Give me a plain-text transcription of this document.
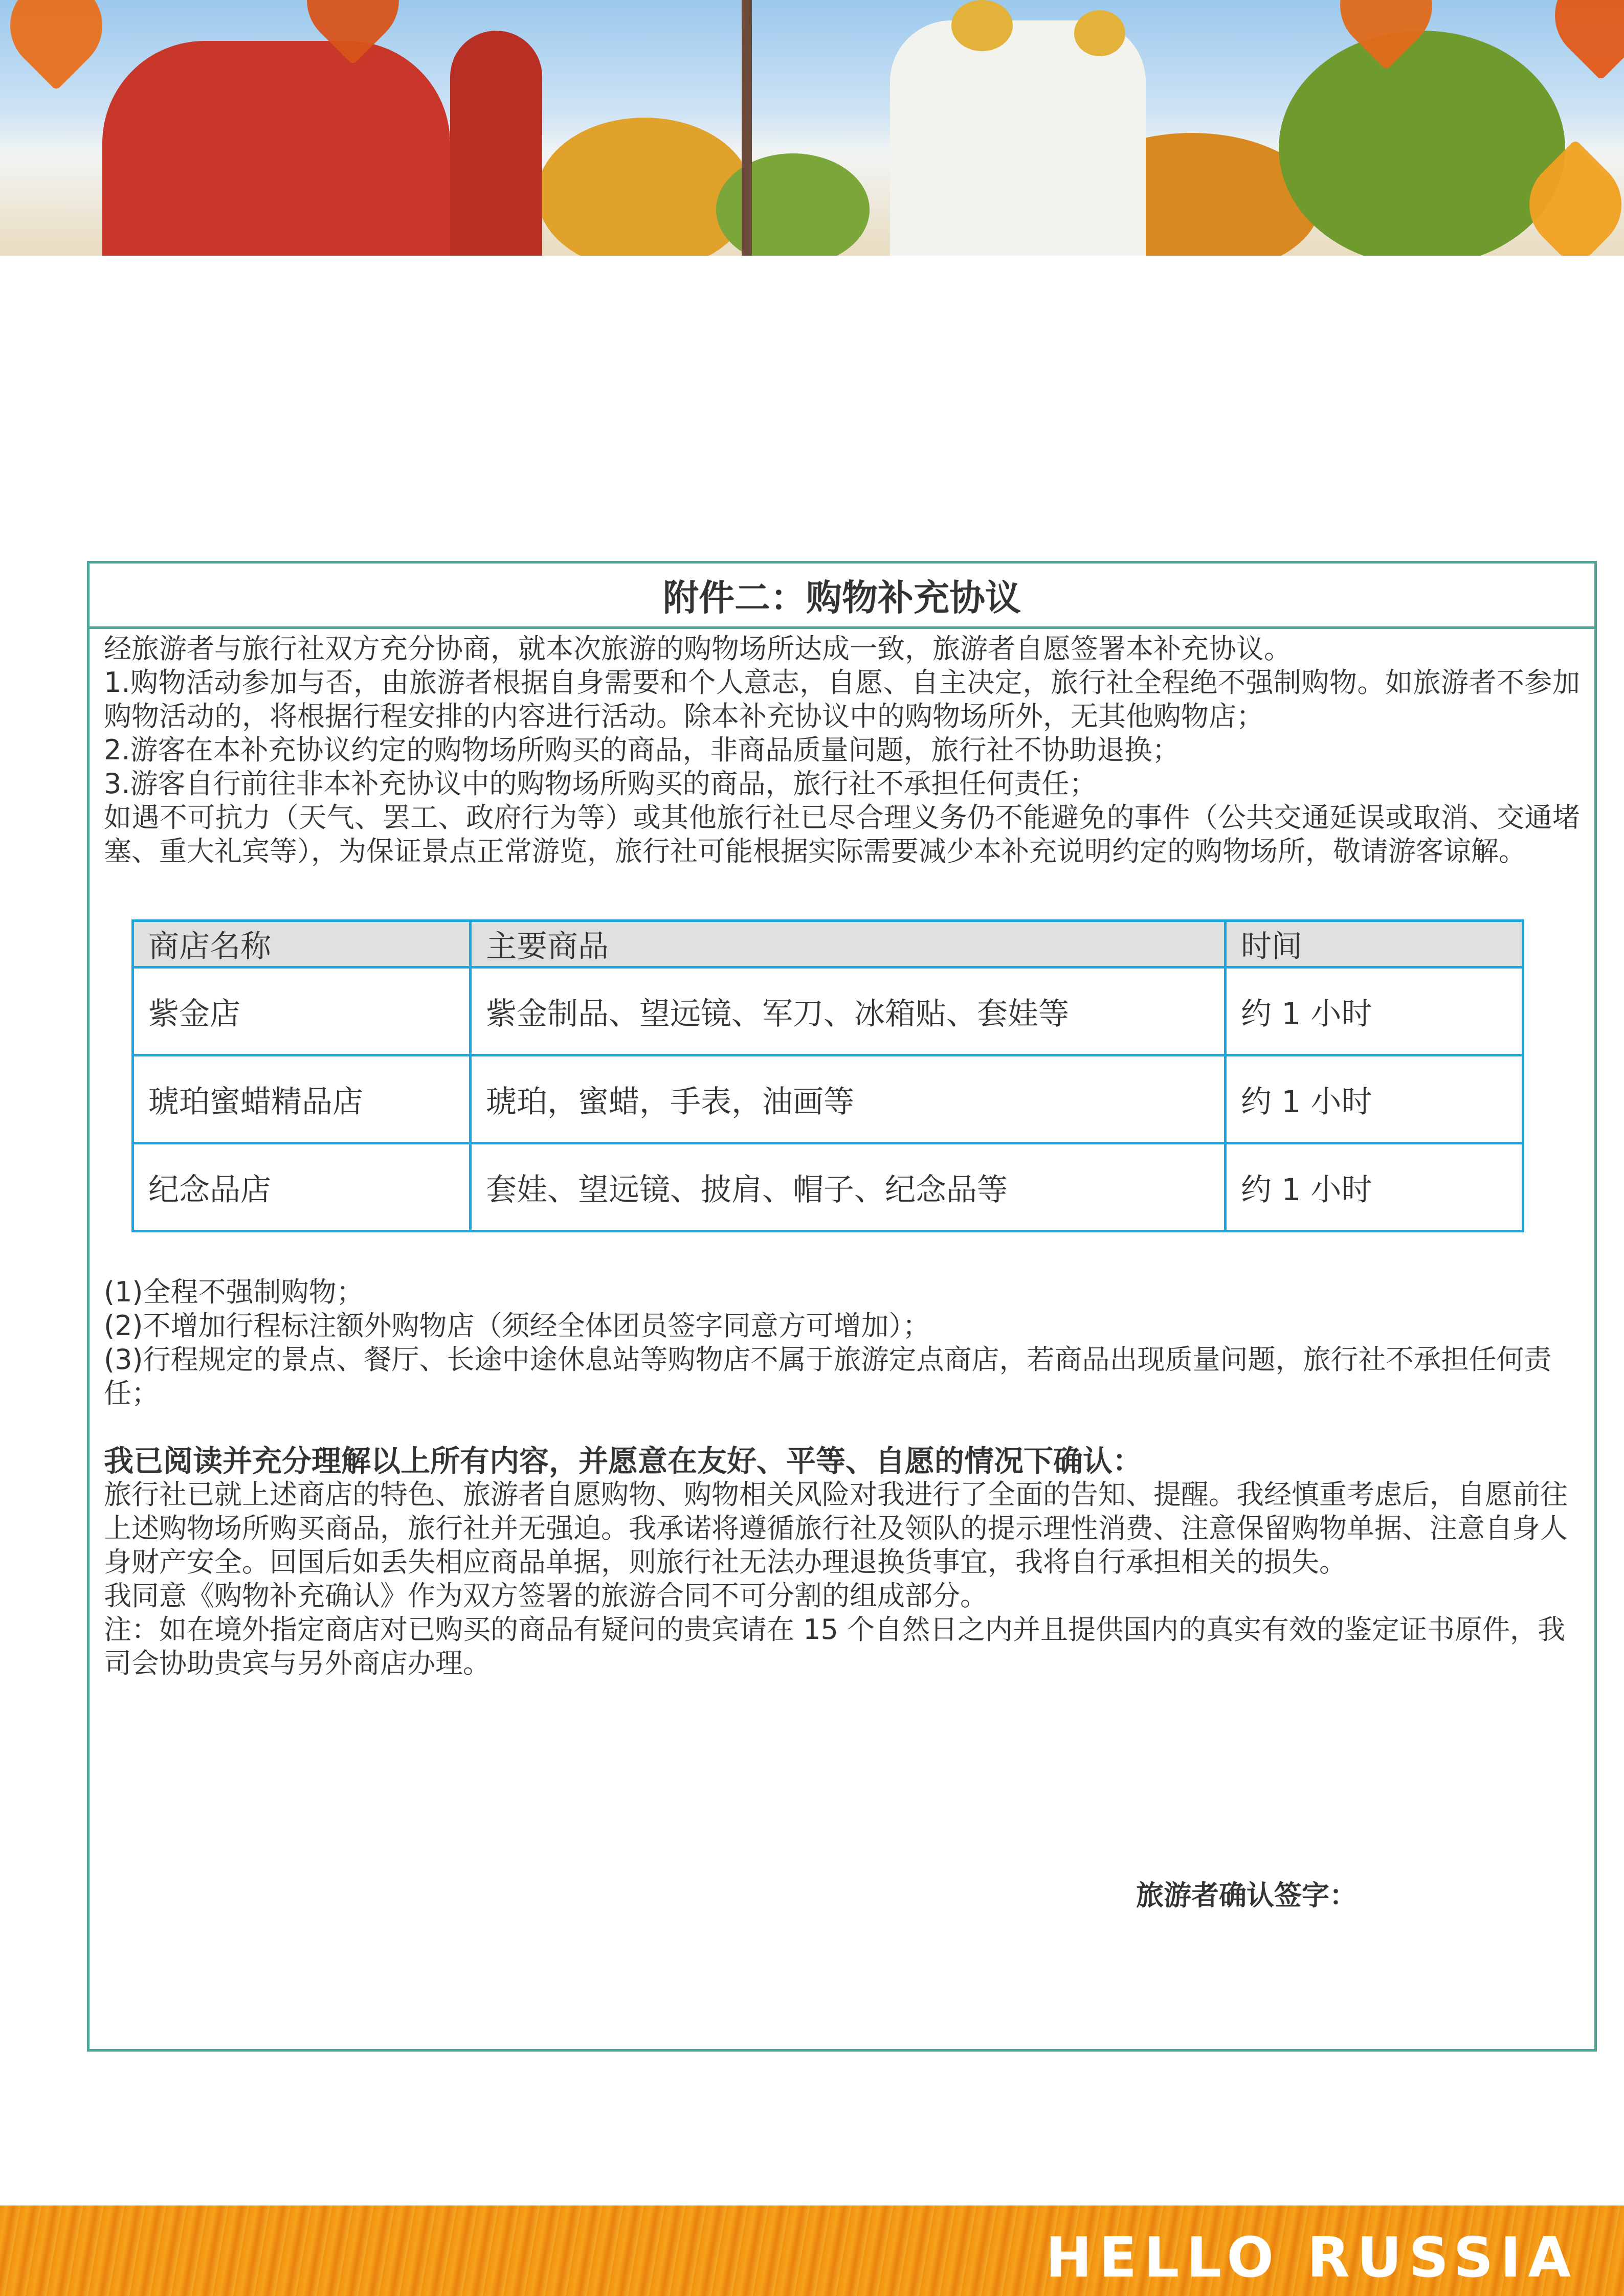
附件二：购物补充协议

经旅游者与旅行社双方充分协商，就本次旅游的购物场所达成一致，旅游者自愿签署本补充协议。

1.购物活动参加与否，由旅游者根据自身需要和个人意志，自愿、自主决定，旅行社全程绝不强制购物。如旅游者不参加购物活动的，将根据行程安排的内容进行活动。除本补充协议中的购物场所外，无其他购物店；

2.游客在本补充协议约定的购物场所购买的商品，非商品质量问题，旅行社不协助退换；

3.游客自行前往非本补充协议中的购物场所购买的商品，旅行社不承担任何责任；

如遇不可抗力（天气、罢工、政府行为等）或其他旅行社已尽合理义务仍不能避免的事件（公共交通延误或取消、交通堵塞、重大礼宾等），为保证景点正常游览，旅行社可能根据实际需要减少本补充说明约定的购物场所，敬请游客谅解。

商店名称	主要商品	时间
紫金店	紫金制品、望远镜、军刀、冰箱贴、套娃等	约 1 小时
琥珀蜜蜡精品店	琥珀，蜜蜡，手表，油画等	约 1 小时
纪念品店	套娃、望远镜、披肩、帽子、纪念品等	约 1 小时

(1)全程不强制购物；

(2)不增加行程标注额外购物店（须经全体团员签字同意方可增加）；

(3)行程规定的景点、餐厅、长途中途休息站等购物店不属于旅游定点商店，若商品出现质量问题，旅行社不承担任何责任；

我已阅读并充分理解以上所有内容，并愿意在友好、平等、自愿的情况下确认：

旅行社已就上述商店的特色、旅游者自愿购物、购物相关风险对我进行了全面的告知、提醒。我经慎重考虑后，自愿前往上述购物场所购买商品，旅行社并无强迫。我承诺将遵循旅行社及领队的提示理性消费、注意保留购物单据、注意自身人身财产安全。回国后如丢失相应商品单据，则旅行社无法办理退换货事宜，我将自行承担相关的损失。

我同意《购物补充确认》作为双方签署的旅游合同不可分割的组成部分。

注：如在境外指定商店对已购买的商品有疑问的贵宾请在 15 个自然日之内并且提供国内的真实有效的鉴定证书原件，我司会协助贵宾与另外商店办理。

旅游者确认签字：
HELLO RUSSIA
